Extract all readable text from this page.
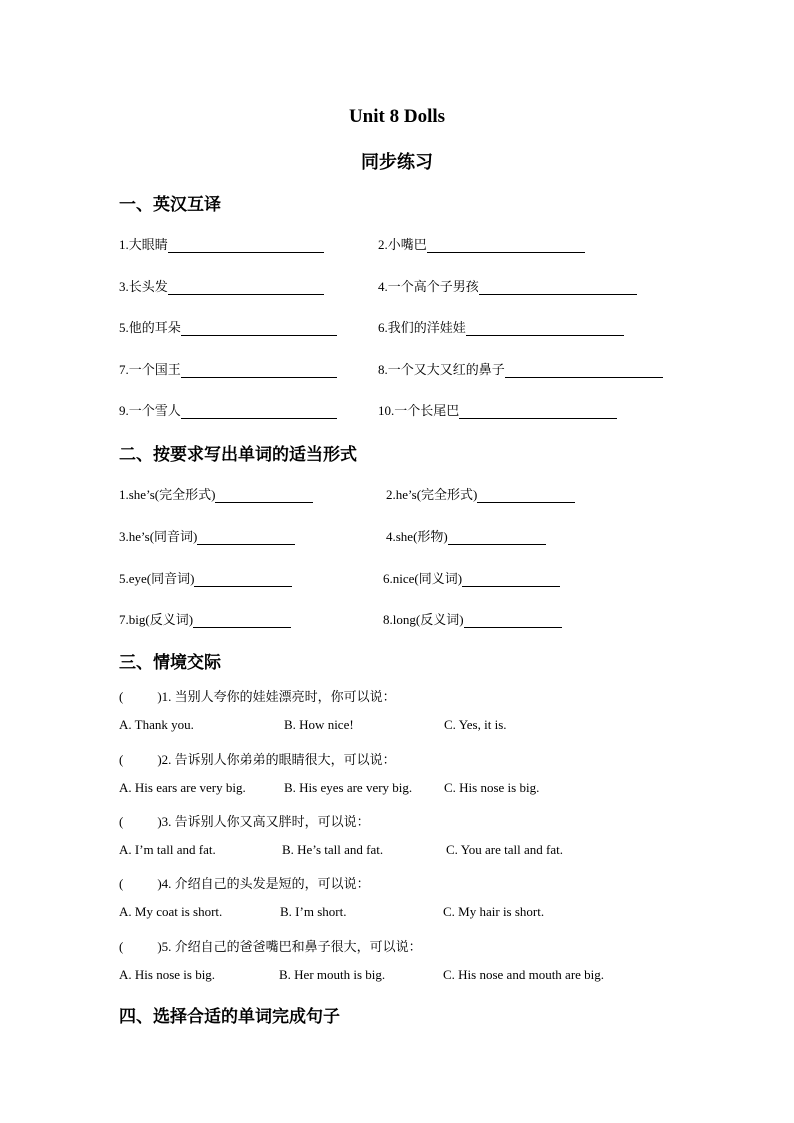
Unit 8 Dolls
同步练习
一、英汉互译
1.大眼睛	2.小嘴巴
3.长头发	4.一个高个子男孩
5.他的耳朵	6.我们的洋娃娃
7.一个国王	8.一个又大又红的鼻子
9.一个雪人	10.一个长尾巴
二、按要求写出单词的适当形式
1.she’s(完全形式)	2.he’s(完全形式)
3.he’s(同音词)	4.she(形物)
5.eye(同音词)	6.nice(同义词)
7.big(反义词)	8.long(反义词)
三、情境交际
(	)1. 当别人夸你的娃娃漂亮时，你可以说：
A. Thank you.	B. How nice!	C. Yes, it is.
(	)2. 告诉别人你弟弟的眼睛很大，可以说：
A. His ears are very big.	B. His eyes are very big. C. His nose is big.
(	)3. 告诉别人你又高又胖时，可以说：
A. I’m tall and fat.	B. He’s tall and fat.	C. You are tall and fat.
(	)4. 介绍自己的头发是短的，可以说：
A. My coat is short.	B. I’m short.	C. My hair is short.
(	)5. 介绍自己的爸爸嘴巴和鼻子很大，可以说：
A. His nose is big.	B. Her mouth is big.	C. His nose and mouth are big.
四、选择合适的单词完成句子
